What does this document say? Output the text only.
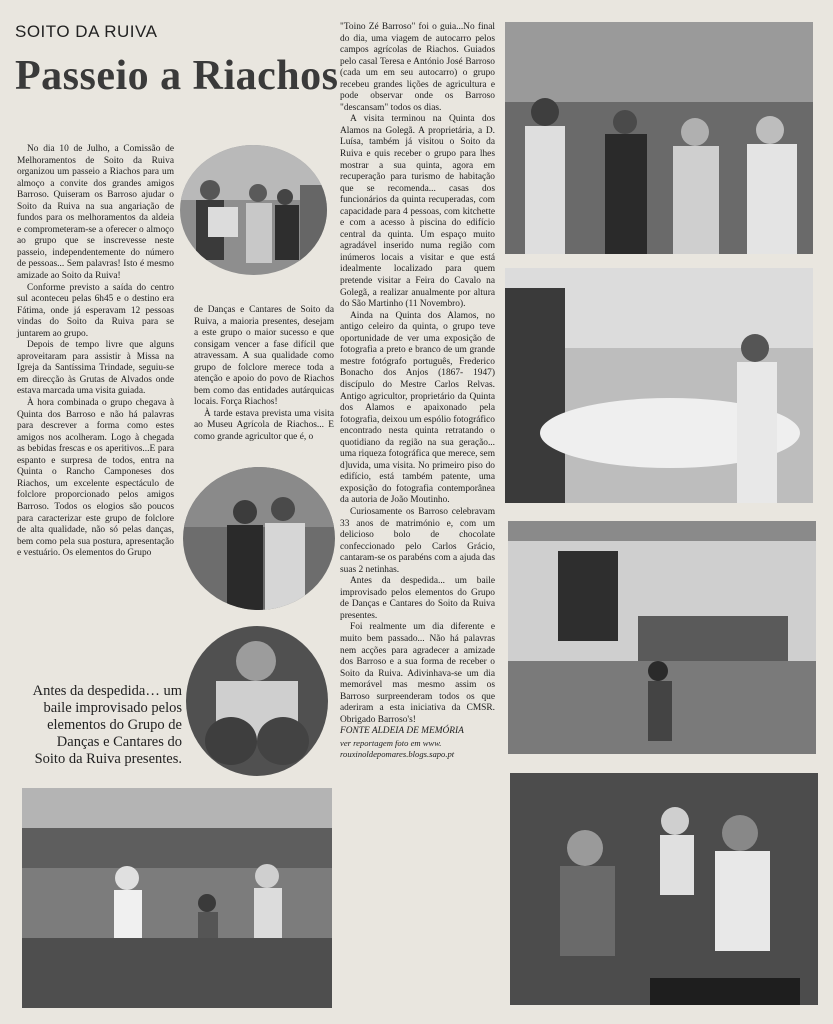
SOITO DA RUIVA
Passeio a Riachos

No dia 10 de Julho, a Comissão de Melhoramentos de Soito da Ruiva organizou um passeio a Riachos para um almoço a convite dos grandes amigos Barroso. Quiseram os Barroso ajudar o Soito da Ruiva na sua angariação de fundos para os melhoramentos da aldeia e comprometeram-se a oferecer o almoço ao grupo que se inscrevesse neste passeio, independentemente do número de pessoas... Sem palavras! Isto é mesmo amizade ao Soito da Ruiva!

Conforme previsto a saída do centro sul aconteceu pelas 6h45 e o destino era Fátima, onde já esperavam 12 pessoas vindas do Soito da Ruiva para se juntarem ao grupo.

Depois de tempo livre que alguns aproveitaram para assistir à Missa na Igreja da Santíssima Trindade, seguiu-se em direcção às Grutas de Alvados onde estava marcada uma visita guiada.

À hora combinada o grupo chegava à Quinta dos Barroso e não há palavras para descrever a forma como estes amigos nos acolheram. Logo à chegada as bebidas frescas e os aperitivos...E para espanto e surpresa de todos, entra na Quinta o Rancho Camponeses dos Riachos, um excelente espectáculo de folclore proporcionado pelos amigos Barroso. Todos os elogios são poucos para caracterizar este grupo de folclore de alta qualidade, não só pelas danças, bem como pela sua postura, apresentação e vestuário. Os elementos do Grupo

de Danças e Cantares de Soito da Ruiva, a maioria presentes, desejam a este grupo o maior sucesso e que consigam vencer a fase difícil que atravessam. A sua qualidade como grupo de folclore merece toda a atenção e apoio do povo de Riachos bem como das entidades autárquicas locais. Força Riachos!

À tarde estava prevista uma visita ao Museu Agrícola de Riachos... E como grande agricultor que é, o

"Toino Zé Barroso" foi o guia...No final do dia, uma viagem de autocarro pelos campos agrícolas de Riachos. Guiados pelo casal Teresa e António José Barroso (cada um em seu autocarro) o grupo recebeu grandes lições de agricultura e pode observar onde os Barroso "descansam" todos os dias.

A visita terminou na Quinta dos Alamos na Golegã. A proprietária, a D. Luísa, também já visitou o Soito da Ruiva e quis receber o grupo para lhes mostrar a sua quinta, agora em recuperação para turismo de habitação que se recomenda... casas dos funcionários da quinta recuperadas, com capacidade para 4 pessoas, com kitchette e com a acesso à piscina do edifício central da quinta. Um espaço muito agradável inserido numa região com inúmeros locais a visitar e que está idealmente localizado para quem pretende visitar a Feira do Cavalo na Golegã, a realizar anualmente por altura do São Martinho (11 Novembro).

Ainda na Quinta dos Alamos, no antigo celeiro da quinta, o grupo teve oportunidade de ver uma exposição de fotografia a preto e branco de um grande mestre fotógrafo português, Frederico Bonacho dos Anjos (1867- 1947) discípulo do Mestre Carlos Relvas. Antigo agricultor, proprietário da Quinta dos Alamos e apaixonado pela fotografia, deixou um espólio fotográfico encontrado nesta quinta retratando o quotidiano da região na sua geração... uma riqueza fotográfica que merece, sem d]uvida, uma visita. No primeiro piso do edifício, está também patente, uma exposição do fotografia contemporânea da autoria de João Moutinho.

Curiosamente os Barroso celebravam 33 anos de matrimónio e, com um delicioso bolo de chocolate confeccionado pelo Carlos Grácio, cantaram-se os parabéns com a ajuda das suas 2 netinhas.

Antes da despedida... um baile improvisado pelos elementos do Grupo de Danças e Cantares do Soito da Ruiva presentes.

Foi realmente um dia diferente e muito bem passado... Não há palavras nem acções para agradecer a amizade dos Barroso e a sua forma de receber o Soito da Ruiva. Adivinhava-se um dia memorável mas mesmo assim os Barroso surpreenderam todos os que aderiram a esta iniciativa da CMSR. Obrigado Barroso's!

FONTE ALDEIA DE MEMÓRIA

ver reportagem foto em www. rouxinoldepomares.blogs.sapo.pt

Antes da despedida… um baile improvisado pelos elementos do Grupo de Danças e Cantares do Soito da Ruiva presentes.
